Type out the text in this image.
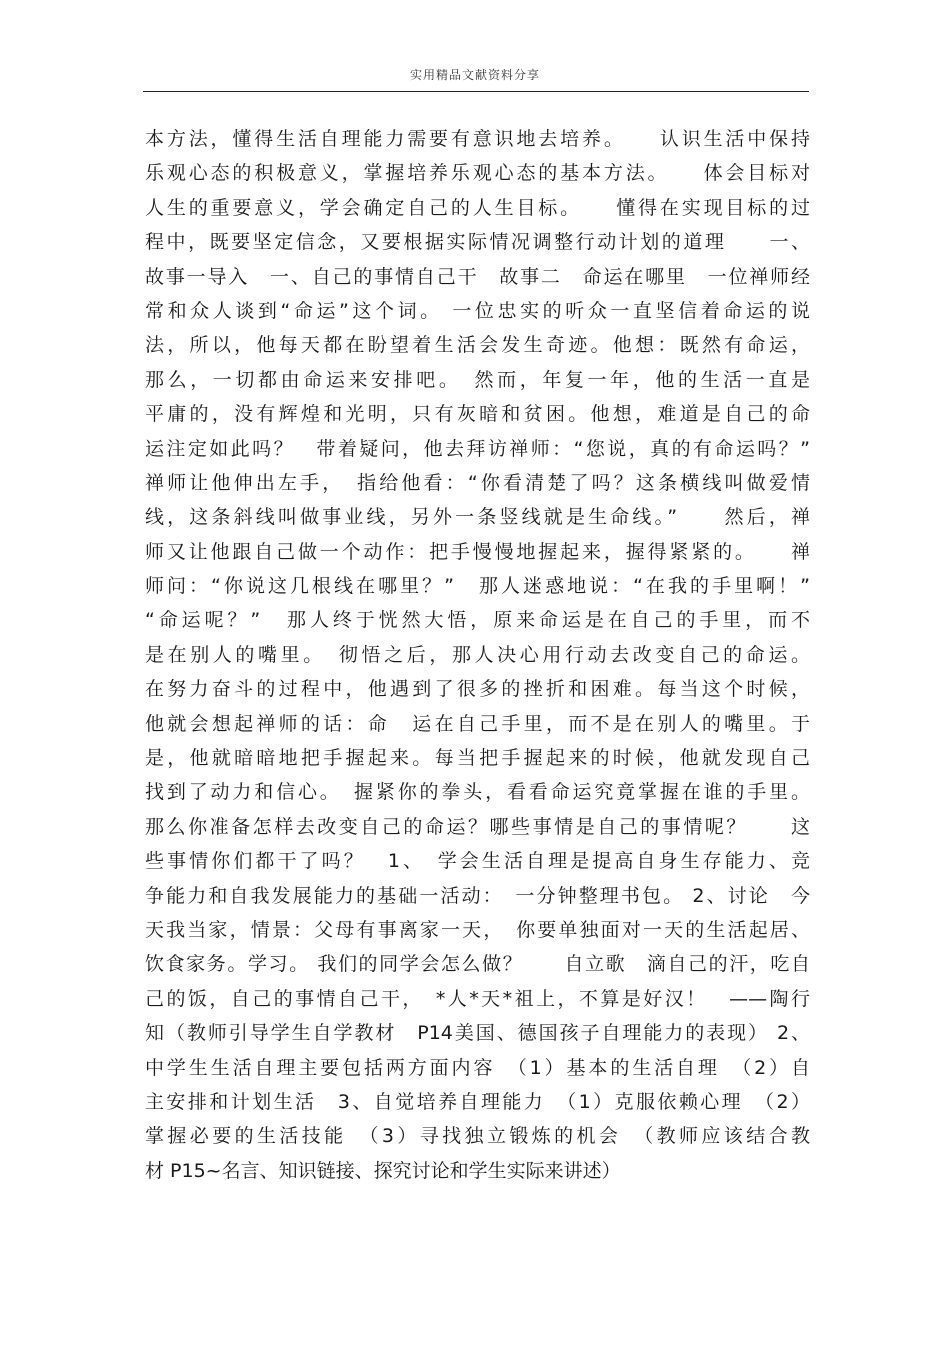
实用精品文献资料分享
本方法，懂得生活自理能力需要有意识地去培养。　　认识生活中保持
乐观心态的积极意义，掌握培养乐观心态的基本方法。　　体会目标对
人生的重要意义，学会确定自己的人生目标。　　懂得在实现目标的过
程中，既要坚定信念，又要根据实际情况调整行动计划的道理　　一、
故事一导入　一、自己的事情自己干　故事二　命运在哪里　一位禅师经
常和众人谈到“命运”这个词。 一位忠实的听众一直坚信着命运的说
法，所以，他每天都在盼望着生活会发生奇迹。他想：既然有命运，
那么，一切都由命运来安排吧。　然而，年复一年，他的生活一直是
平庸的，没有辉煌和光明，只有灰暗和贫困。他想，难道是自己的命
运注定如此吗？　带着疑问，他去拜访禅师：“您说，真的有命运吗？”
禅师让他伸出左手，　指给他看：“你看清楚了吗？这条横线叫做爱情
线，这条斜线叫做事业线，另外一条竖线就是生命线。”　　然后，禅
师又让他跟自己做一个动作：把手慢慢地握起来，握得紧紧的。　　禅
师问：“你说这几根线在哪里？”　那人迷惑地说：“在我的手里啊！”
“命运呢？”　那人终于恍然大悟，原来命运是在自己的手里，而不
是在别人的嘴里。　彻悟之后，那人决心用行动去改变自己的命运。
在努力奋斗的过程中，他遇到了很多的挫折和困难。每当这个时候，
他就会想起禅师的话：命　运在自己手里，而不是在别人的嘴里。于
是，他就暗暗地把手握起来。每当把手握起来的时候，他就发现自己
找到了动力和信心。　握紧你的拳头，看看命运究竟掌握在谁的手里。
那么你准备怎样去改变自己的命运？哪些事情是自己的事情呢？　　这
些事情你们都干了吗？　1、　学会生活自理是提高自身生存能力、竞
争能力和自我发展能力的基础一活动：　一分钟整理书包。 2、讨论　今
天我当家，情景：父母有事离家一天，　你要单独面对一天的生活起居、
饮食家务。学习。 我们的同学会怎么做？　　自立歌　滴自己的汗，吃自
己的饭，自己的事情自己干，　*人*天*祖上，不算是好汉！　——陶行
知（教师引导学生自学教材　P14美国、德国孩子自理能力的表现） 2、
中学生生活自理主要包括两方面内容　（1）基本的生活自理　（2）自
主安排和计划生活　3、自觉培养自理能力　（1）克服依赖心理　（2）
掌握必要的生活技能　（3）寻找独立锻炼的机会　（教师应该结合教
材 P15~名言、知识链接、探究讨论和学生实际来讲述）
